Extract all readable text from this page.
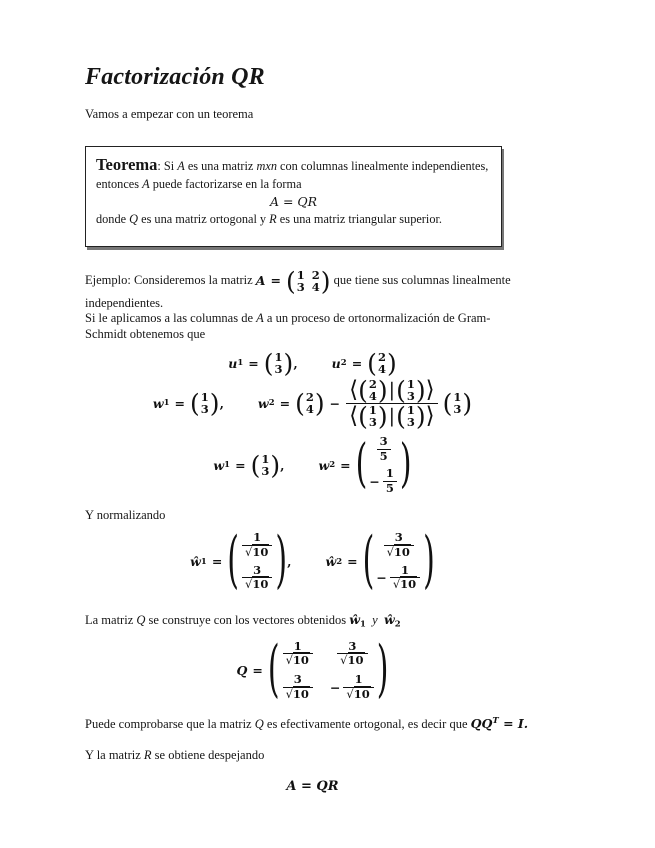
Factorización QR

Vamos a empezar con un teorema

Teorema: Si A es una matriz mxn con columnas linealmente independientes, entonces A puede factorizarse en la forma
A = QR
donde Q es una matriz ortogonal y R es una matriz triangular superior.
Ejemplo: Consideremos la matriz A = ( 1 2
3 4 ) que tiene sus columnas linealmente
independientes.
Si le aplicamos a las columnas de A a un proceso de ortonormalización de Gram-
Schmidt obtenemos que
u 1 = ( 1
3 ) ,	u 2 = ( 2
4 )
w 1 = ( 1
3 ) ,	w 2 = ( 2
4 ) − ⟨ ( 2
4 ) | ( 1
3 ) ⟩
⟨ ( 1
3 ) | ( 1
3 ) ⟩ ( 1
3 )
w 1 = ( 1
3 ) ,	w 2 = ( $\frac{3}{5}$
− $\frac{1}{5}$ )

Y normalizando

ŵ 1 = ( $\frac{1}{√10}$
$\frac{3}{√10}$ ) ,	ŵ 2 = ( $\frac{3}{√10}$
− $\frac{1}{√10}$ )

La matriz Q se construye con los vectores obtenidos $ŵ_1$  y  $ŵ_2$

Q = ( $\frac{1}{√10} \frac{3}{√10}$
$\frac{3}{√10} - \frac{1}{√10}$ )

Puede comprobarse que la matriz Q es efectivamente ortogonal, es decir que $QQ^T = I$.

Y la matriz R se obtiene despejando

A = QR
